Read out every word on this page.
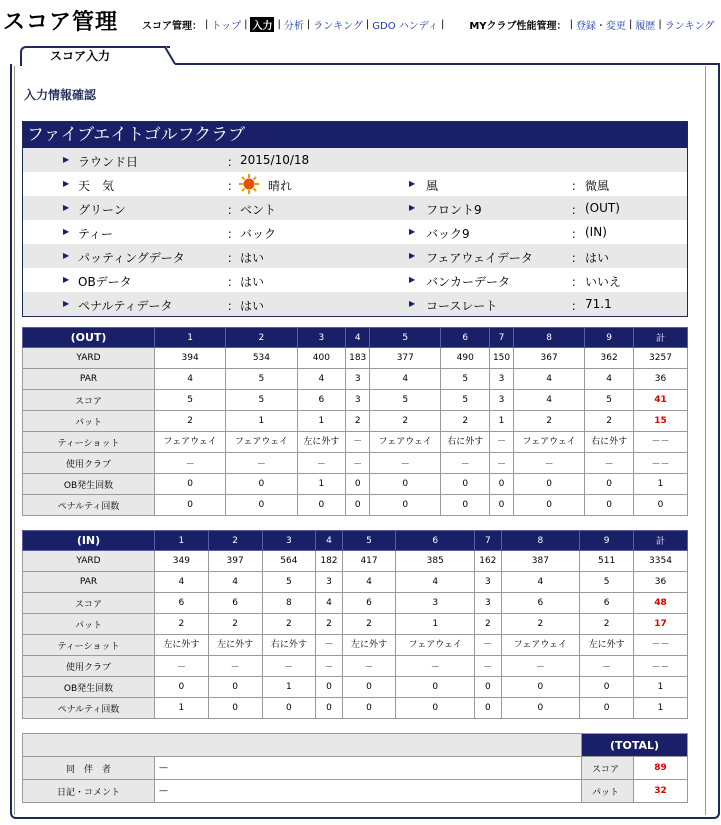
スコア管理 スコア管理： | トップ | 入力 | 分析 | ランキング | GDO ハンディ |	MYクラブ性能管理： | 登録・変更 | 履歴 | ランキング
スコア入力
入力情報確認
ファイブエイトゴルフクラブ
▶ ラウンド日	： 2015/10/18
▶ 天　気	： 晴れ	▶ 風	： 微風
▶ グリーン	： ベント	▶ フロント9	： (OUT)
▶ ティー	： バック	▶ バック9	： (IN)
▶ パッティングデータ	： はい	▶ フェアウェイデータ	： はい
▶ OBデータ	： はい	▶ バンカーデータ	： いいえ
▶ ペナルティデータ	： はい	▶ コースレート	： 71.1
(OUT)	1	2	3	4	5	6	7	8	9	計
YARD	394	534	400	183	377	490	150	367	362	3257
PAR	4	5	4	3	4	5	3	4	4	36
スコア	5	5	6	3	5	5	3	4	5	41
パット	2	1	1	2	2	2	1	2	2	15
ティーショット	フェアウェイ	フェアウェイ	左に外す	－	フェアウェイ	右に外す	－	フェアウェイ	右に外す	－－
使用クラブ	－	－	－	－	－	－	－	－	－	－－
OB発生回数	0	0	1	0	0	0	0	0	0	1
ペナルティ回数	0	0	0	0	0	0	0	0	0	0
(IN)	1	2	3	4	5	6	7	8	9	計
YARD	349	397	564	182	417	385	162	387	511	3354
PAR	4	4	5	3	4	4	3	4	5	36
スコア	6	6	8	4	6	3	3	6	6	48
パット	2	2	2	2	2	1	2	2	2	17
ティーショット	左に外す	左に外す	右に外す	－	左に外す	フェアウェイ	－	フェアウェイ	左に外す	－－
使用クラブ	－	－	－	－	－	－	－	－	－	－－
OB発生回数	0	0	1	0	0	0	0	0	0	1
ペナルティ回数	1	0	0	0	0	0	0	0	0	1
		(TOTAL)	
同　伴　者	—	スコア	89
日記・コメント	—	パット	32
